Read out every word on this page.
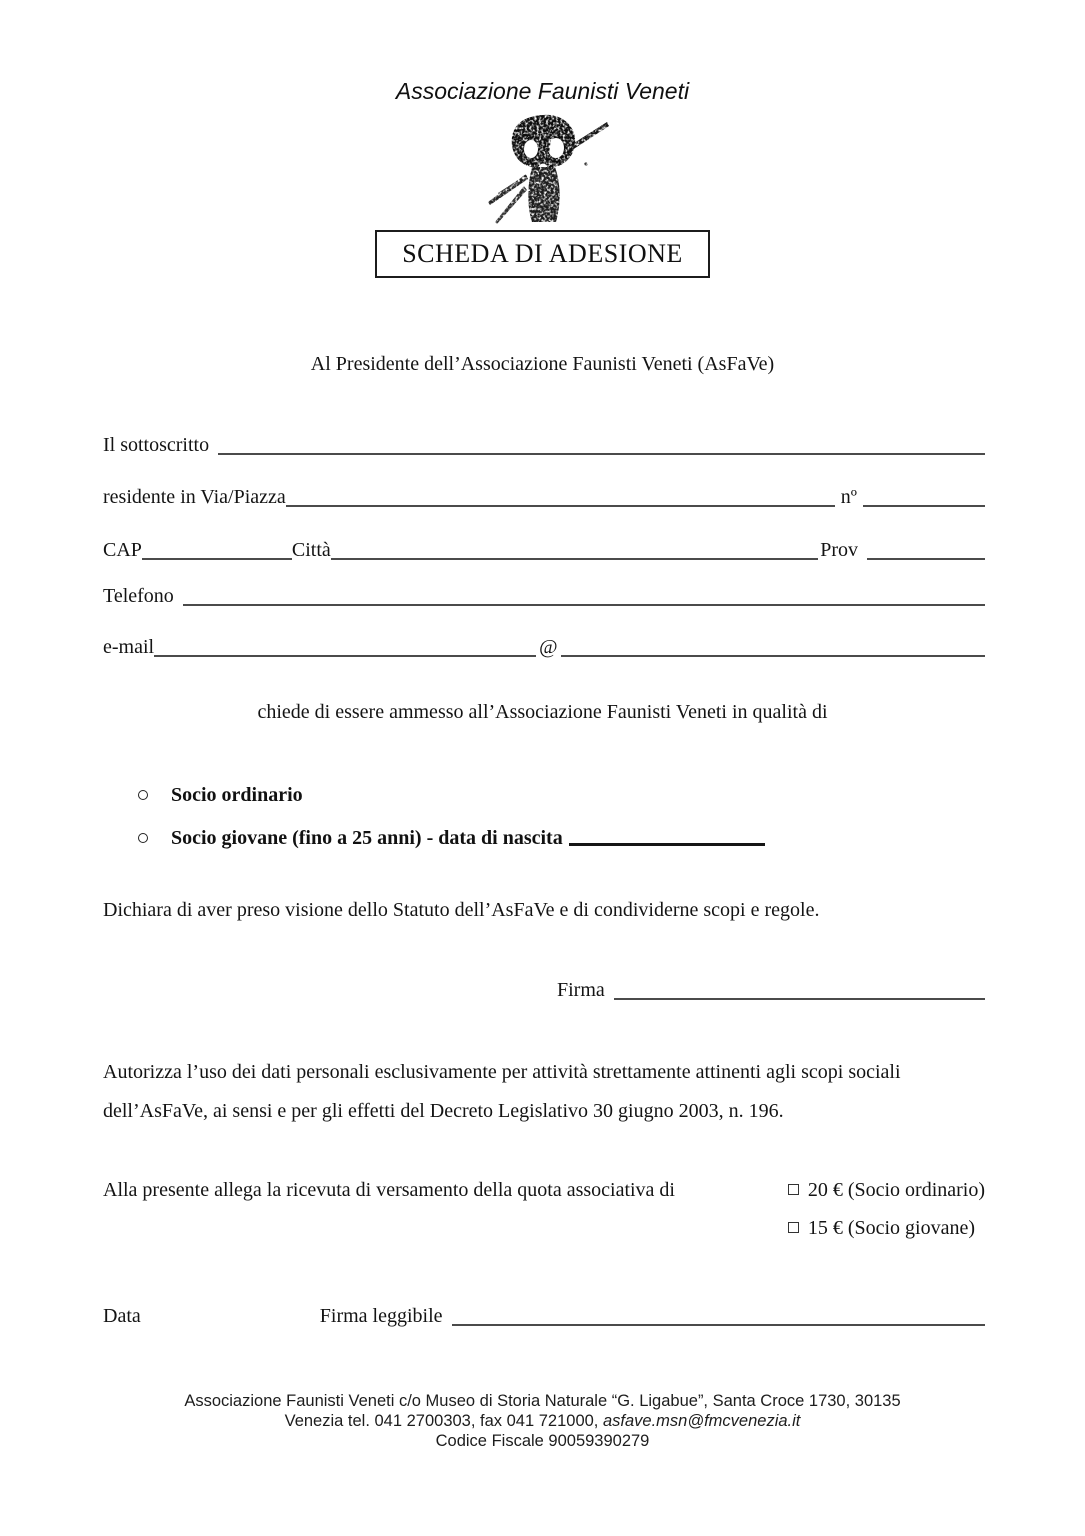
Associazione Faunisti Veneti
SCHEDA DI ADESIONE
Al Presidente dell’Associazione Faunisti Veneti (AsFaVe)
Il sottoscritto
residente in Via/Piazza	nº
CAP	Città	Prov
Telefono
e-mail	@
chiede di essere ammesso all’Associazione Faunisti Veneti in qualità di
Socio ordinario
Socio giovane (fino a 25 anni) - data di nascita
Dichiara di aver preso visione dello Statuto dell’AsFaVe e di condividerne scopi e regole.
Firma
Autorizza l’uso dei dati personali esclusivamente per attività strettamente attinenti agli scopi sociali
dell’AsFaVe, ai sensi e per gli effetti del Decreto Legislativo 30 giugno 2003, n. 196.
Alla presente allega la ricevuta di versamento della quota associativa di	20 € (Socio ordinario)
15 € (Socio giovane)
Data	Firma leggibile
Associazione Faunisti Veneti c/o Museo di Storia Naturale “G. Ligabue”, Santa Croce 1730, 30135
Venezia tel. 041 2700303, fax 041 721000, asfave.msn@fmcvenezia.it
Codice Fiscale 90059390279
